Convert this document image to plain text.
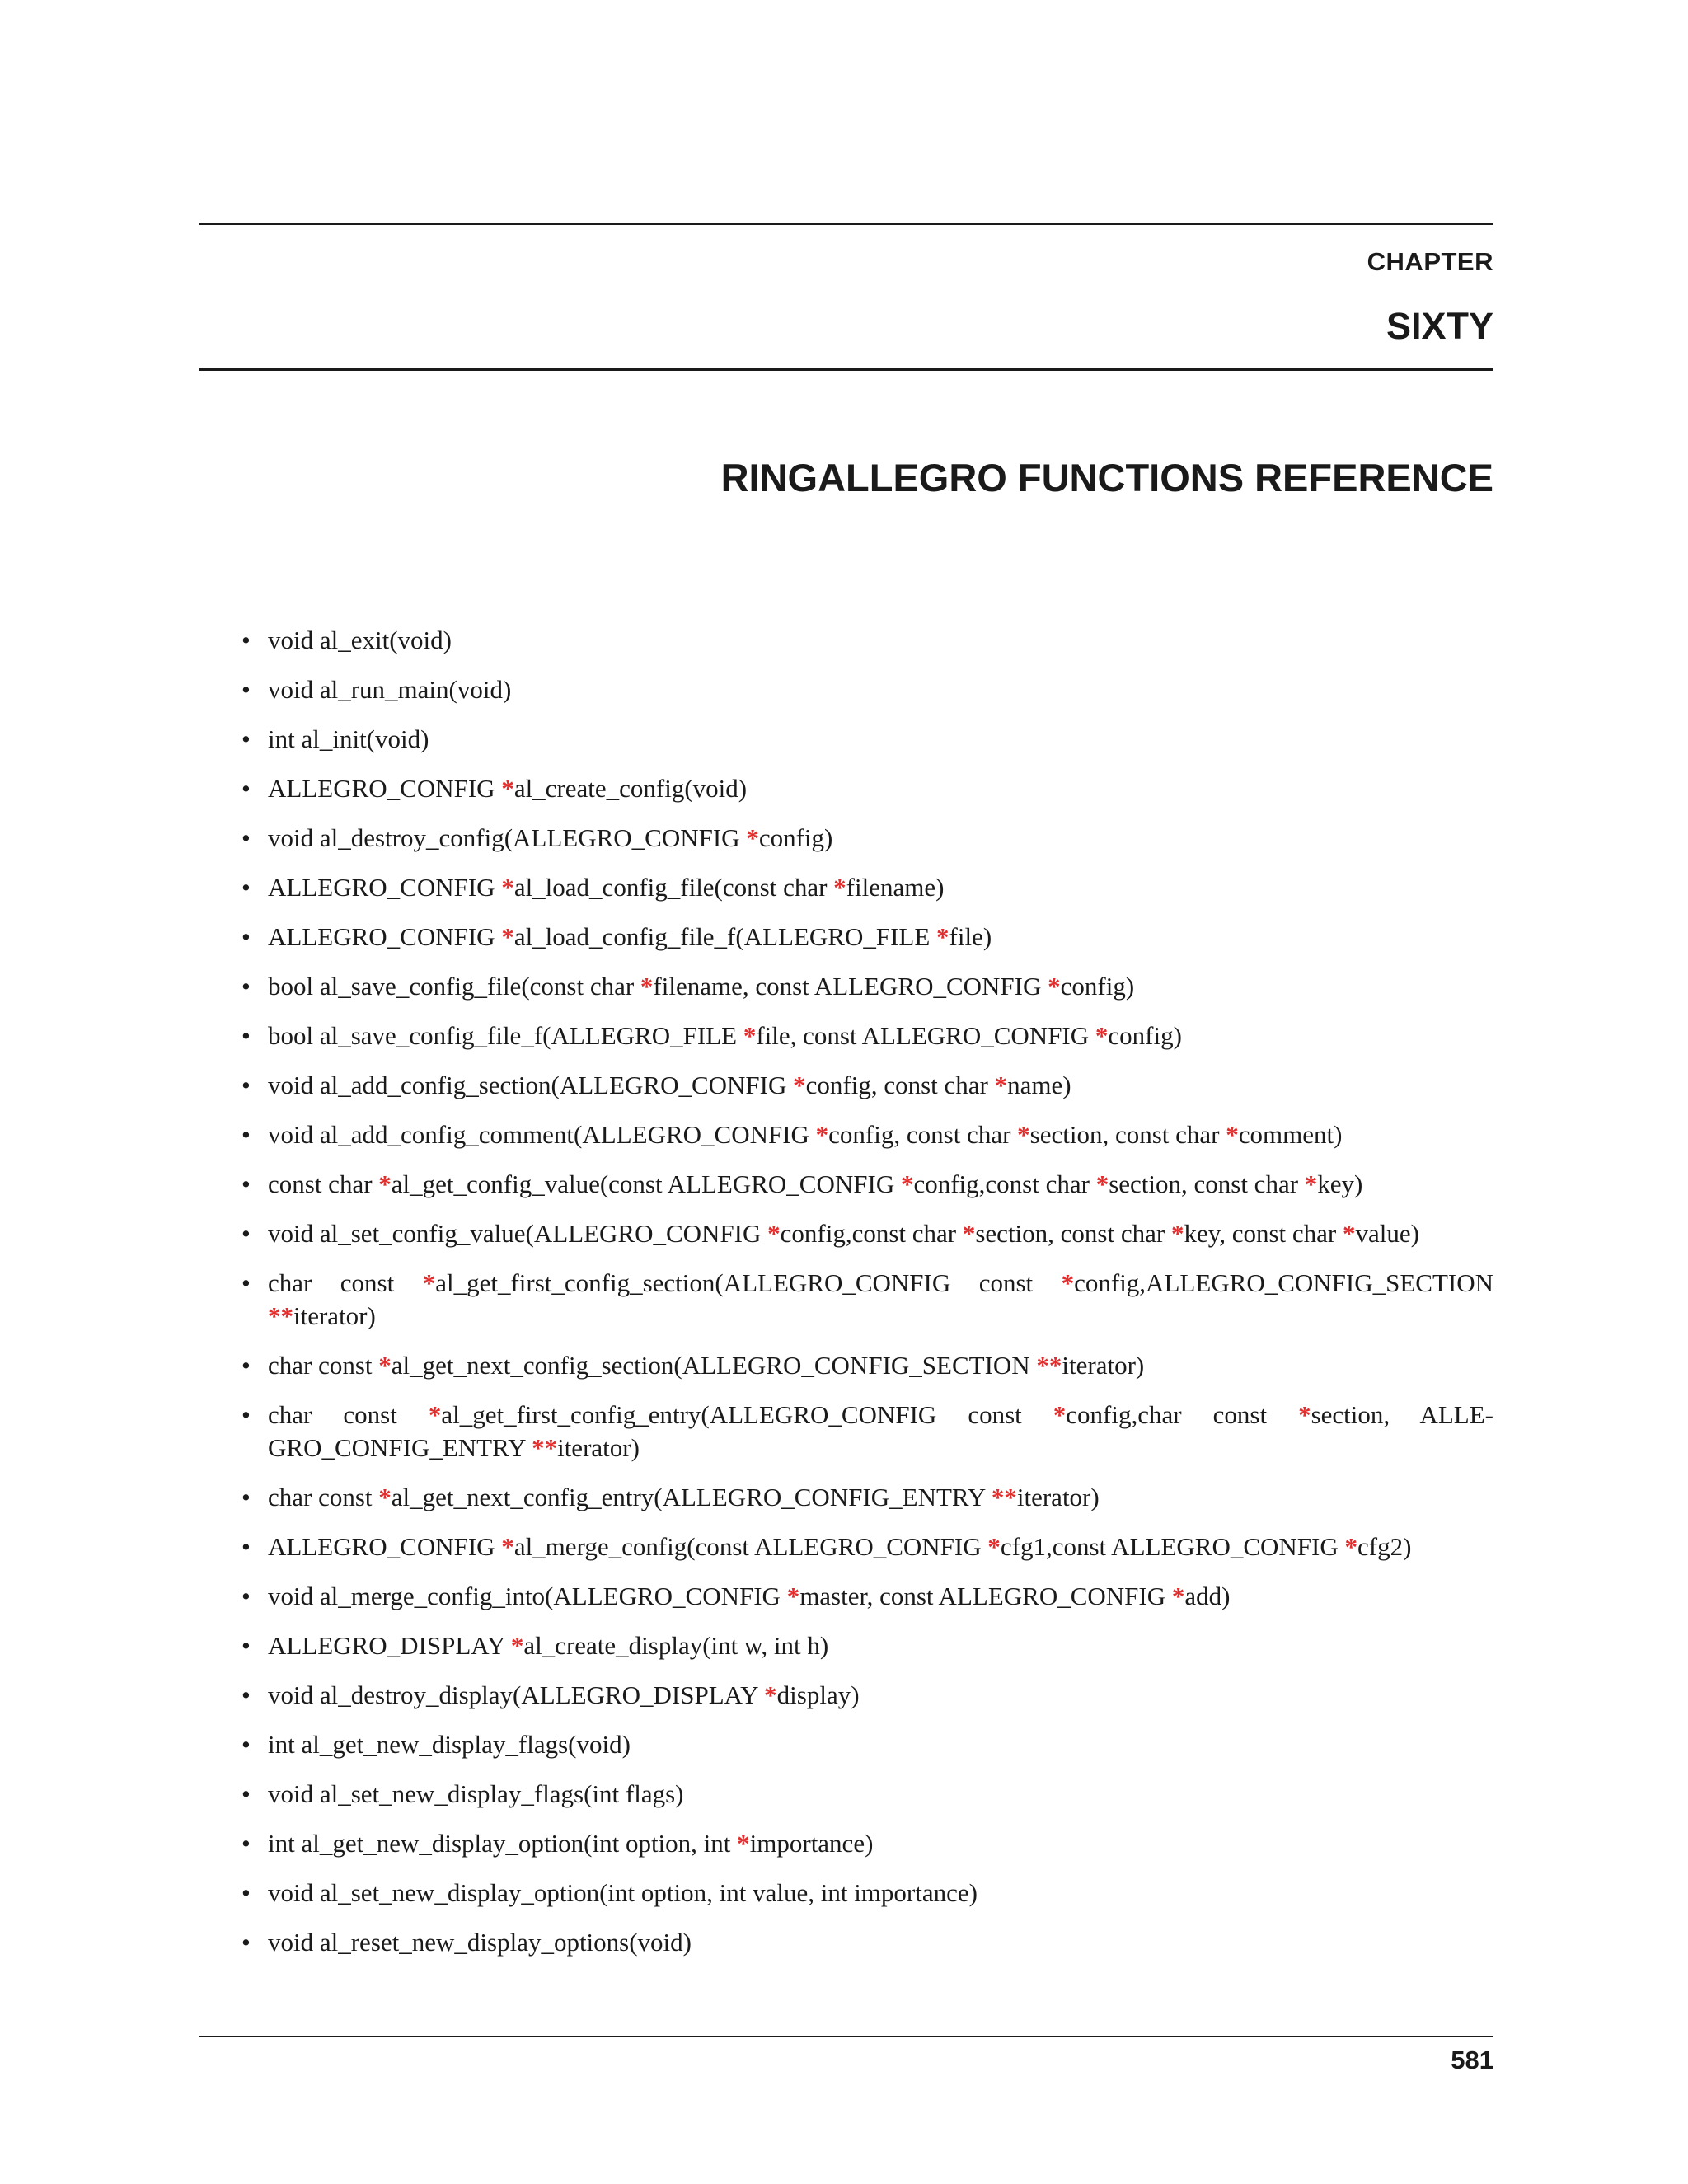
CHAPTER
SIXTY
RINGALLEGRO FUNCTIONS REFERENCE
• void al_exit(void)
• void al_run_main(void)
• int al_init(void)
• ALLEGRO_CONFIG *al_create_config(void)
• void al_destroy_config(ALLEGRO_CONFIG *config)
• ALLEGRO_CONFIG *al_load_config_file(const char *filename)
• ALLEGRO_CONFIG *al_load_config_file_f(ALLEGRO_FILE *file)
• bool al_save_config_file(const char *filename, const ALLEGRO_CONFIG *config)
• bool al_save_config_file_f(ALLEGRO_FILE *file, const ALLEGRO_CONFIG *config)
• void al_add_config_section(ALLEGRO_CONFIG *config, const char *name)
• void al_add_config_comment(ALLEGRO_CONFIG *config, const char *section, const char *comment)
• const char *al_get_config_value(const ALLEGRO_CONFIG *config,const char *section, const char *key)
• void al_set_config_value(ALLEGRO_CONFIG *config,const char *section, const char *key, const char *value)
• char const *al_get_first_config_section(ALLEGRO_CONFIG const *config,ALLEGRO_CONFIG_SECTION **iterator)
• char const *al_get_next_config_section(ALLEGRO_CONFIG_SECTION **iterator)
• char const *al_get_first_config_entry(ALLEGRO_CONFIG const *config,char const *section, ALLEGRO_CONFIG_ENTRY **iterator)
• char const *al_get_next_config_entry(ALLEGRO_CONFIG_ENTRY **iterator)
• ALLEGRO_CONFIG *al_merge_config(const ALLEGRO_CONFIG *cfg1,const ALLEGRO_CONFIG *cfg2)
• void al_merge_config_into(ALLEGRO_CONFIG *master, const ALLEGRO_CONFIG *add)
• ALLEGRO_DISPLAY *al_create_display(int w, int h)
• void al_destroy_display(ALLEGRO_DISPLAY *display)
• int al_get_new_display_flags(void)
• void al_set_new_display_flags(int flags)
• int al_get_new_display_option(int option, int *importance)
• void al_set_new_display_option(int option, int value, int importance)
• void al_reset_new_display_options(void)
581
